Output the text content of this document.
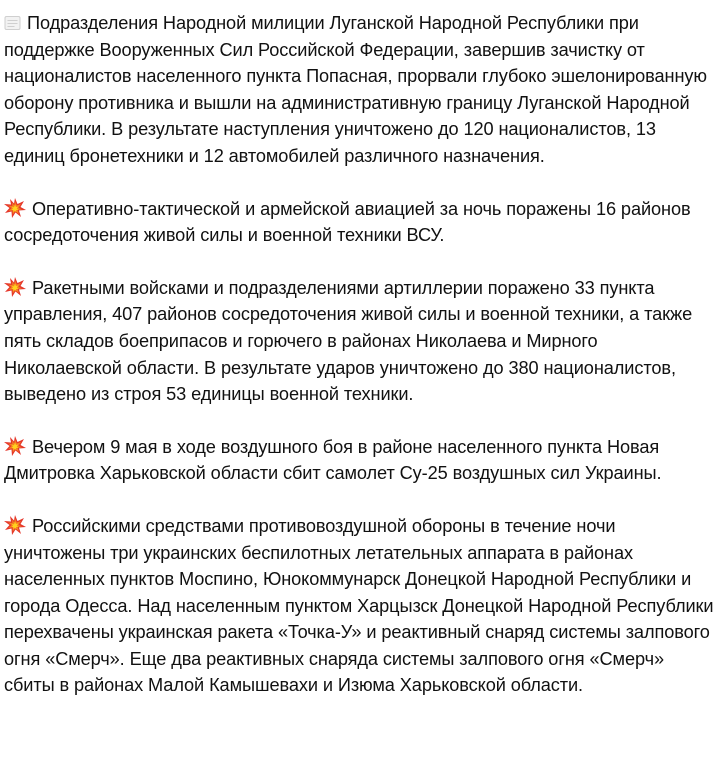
Подразделения Народной милиции Луганской Народной Республики при поддержке Вооруженных Сил Российской Федерации, завершив зачистку от националистов населенного пункта Попасная, прорвали глубоко эшелонированную оборону противника и вышли на административную границу Луганской Народной Республики. В результате наступления уничтожено до 120 националистов, 13 единиц бронетехники и 12 автомобилей различного назначения.

Оперативно-тактической и армейской авиацией за ночь поражены 16 районов сосредоточения живой силы и военной техники ВСУ.

Ракетными войсками и подразделениями артиллерии поражено 33 пункта управления, 407 районов сосредоточения живой силы и военной техники, а также пять складов боеприпасов и горючего в районах Николаева и Мирного Николаевской области. В результате ударов уничтожено до 380 националистов, выведено из строя 53 единицы военной техники.

Вечером 9 мая в ходе воздушного боя в районе населенного пункта Новая Дмитровка Харьковской области сбит самолет Су-25 воздушных сил Украины.

Российскими средствами противовоздушной обороны в течение ночи уничтожены три украинских беспилотных летательных аппарата в районах населенных пунктов Моспино, Юнокоммунарск Донецкой Народной Республики и города Одесса. Над населенным пунктом Харцызск Донецкой Народной Республики перехвачены украинская ракета «Точка-У» и реактивный снаряд системы залпового огня «Смерч». Еще два реактивных снаряда системы залпового огня «Смерч» сбиты в районах Малой Камышевахи и Изюма Харьковской области.
